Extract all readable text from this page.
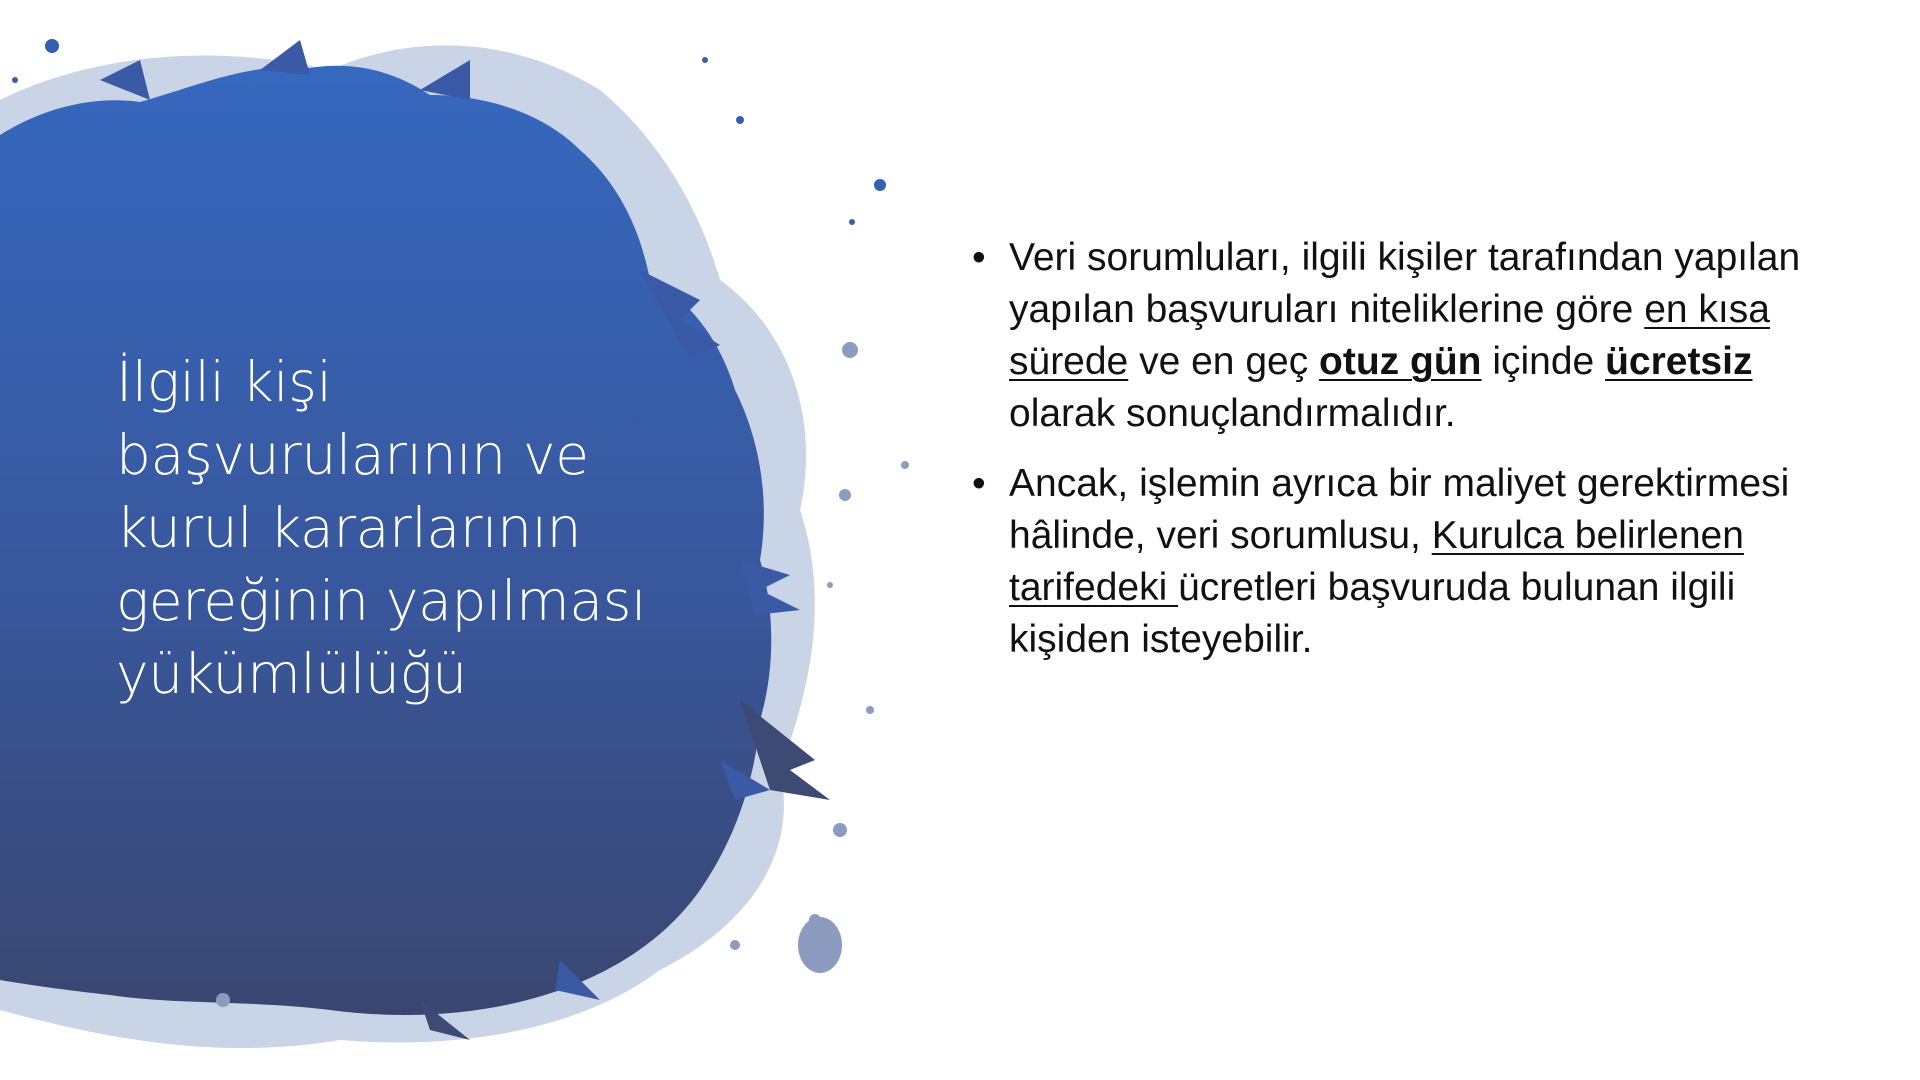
İlgili kişi başvurularının ve kurul kararlarının gereğinin yapılması yükümlülüğü
• Veri sorumluları, ilgili kişiler tarafından yapılan yapılan başvuruları niteliklerine göre en kısa sürede ve en geç otuz gün içinde ücretsiz olarak sonuçlandırmalıdır.
• Ancak, işlemin ayrıca bir maliyet gerektirmesi hâlinde, veri sorumlusu, Kurulca belirlenen tarifedeki ücretleri başvuruda bulunan ilgili kişiden isteyebilir.
